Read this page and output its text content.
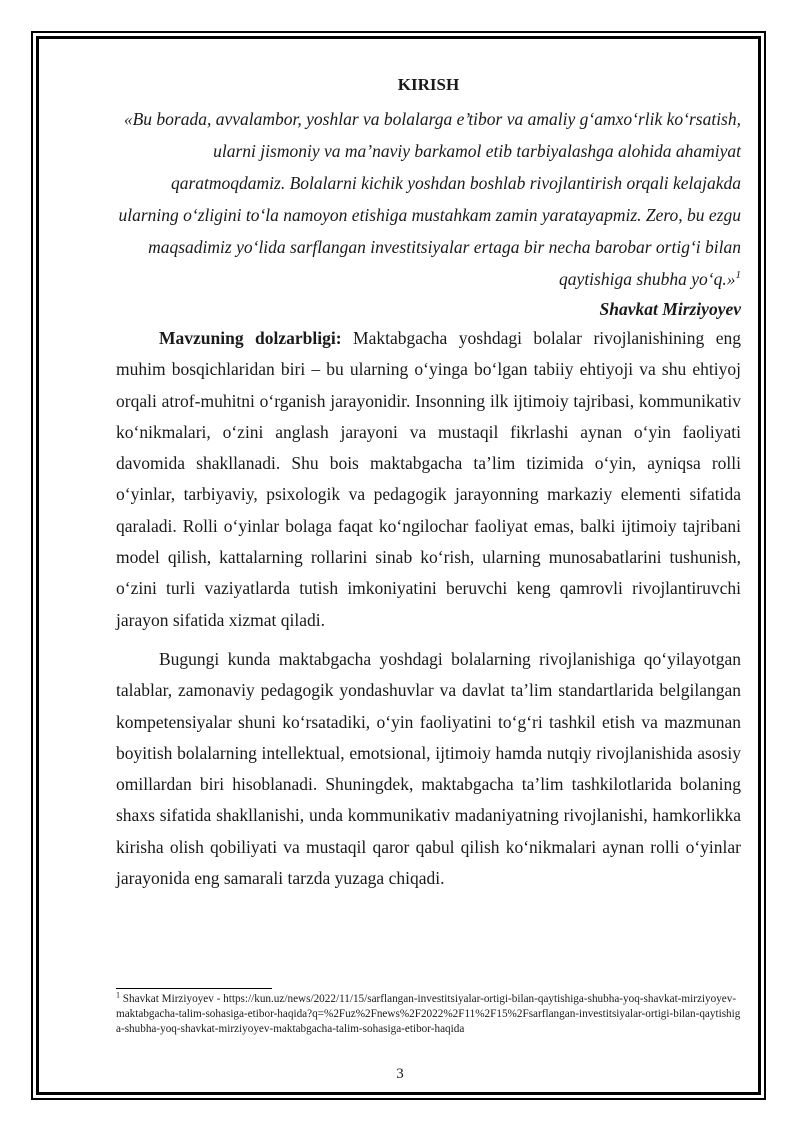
KIRISH

«Bu borada, avvalambor, yoshlar va bolalarga e’tibor va amaliy g‘amxo‘rlik ko‘rsatish, ularni jismoniy va ma’naviy barkamol etib tarbiyalashga alohida ahamiyat qaratmoqdamiz. Bolalarni kichik yoshdan boshlab rivojlantirish orqali kelajakda ularning o‘zligini to‘la namoyon etishiga mustahkam zamin yaratayapmiz. Zero, bu ezgu maqsadimiz yo‘lida sarflangan investitsiyalar ertaga bir necha barobar ortig‘i bilan qaytishiga shubha yo‘q.»$^1$

Shavkat Mirziyoyev

Mavzuning dolzarbligi: Maktabgacha yoshdagi bolalar rivojlanishining eng muhim bosqichlaridan biri – bu ularning o‘yinga bo‘lgan tabiiy ehtiyoji va shu ehtiyoj orqali atrof-muhitni o‘rganish jarayonidir. Insonning ilk ijtimoiy tajribasi, kommunikativ ko‘nikmalari, o‘zini anglash jarayoni va mustaqil fikrlashi aynan o‘yin faoliyati davomida shakllanadi. Shu bois maktabgacha ta’lim tizimida o‘yin, ayniqsa rolli o‘yinlar, tarbiyaviy, psixologik va pedagogik jarayonning markaziy elementi sifatida qaraladi. Rolli o‘yinlar bolaga faqat ko‘ngilochar faoliyat emas, balki ijtimoiy tajribani model qilish, kattalarning rollarini sinab ko‘rish, ularning munosabatlarini tushunish, o‘zini turli vaziyatlarda tutish imkoniyatini beruvchi keng qamrovli rivojlantiruvchi jarayon sifatida xizmat qiladi.

Bugungi kunda maktabgacha yoshdagi bolalarning rivojlanishiga qo‘yilayotgan talablar, zamonaviy pedagogik yondashuvlar va davlat ta’lim standartlarida belgilangan kompetensiyalar shuni ko‘rsatadiki, o‘yin faoliyatini to‘g‘ri tashkil etish va mazmunan boyitish bolalarning intellektual, emotsional, ijtimoiy hamda nutqiy rivojlanishida asosiy omillardan biri hisoblanadi. Shuningdek, maktabgacha ta’lim tashkilotlarida bolaning shaxs sifatida shakllanishi, unda kommunikativ madaniyatning rivojlanishi, hamkorlikka kirisha olish qobiliyati va mustaqil qaror qabul qilish ko‘nikmalari aynan rolli o‘yinlar jarayonida eng samarali tarzda yuzaga chiqadi.

$^1$ Shavkat Mirziyoyev - https://kun.uz/news/2022/11/15/sarflangan-investitsiyalar-ortigi-bilan-qaytishiga-shubha-yoq-shavkat-mirziyoyev-maktabgacha-talim-sohasiga-etibor-haqida?q=%2Fuz%2Fnews%2F2022%2F11%2F15%2Fsarflangan-investitsiyalar-ortigi-bilan-qaytishiga-shubha-yoq-shavkat-mirziyoyev-maktabgacha-talim-sohasiga-etibor-haqida
3
